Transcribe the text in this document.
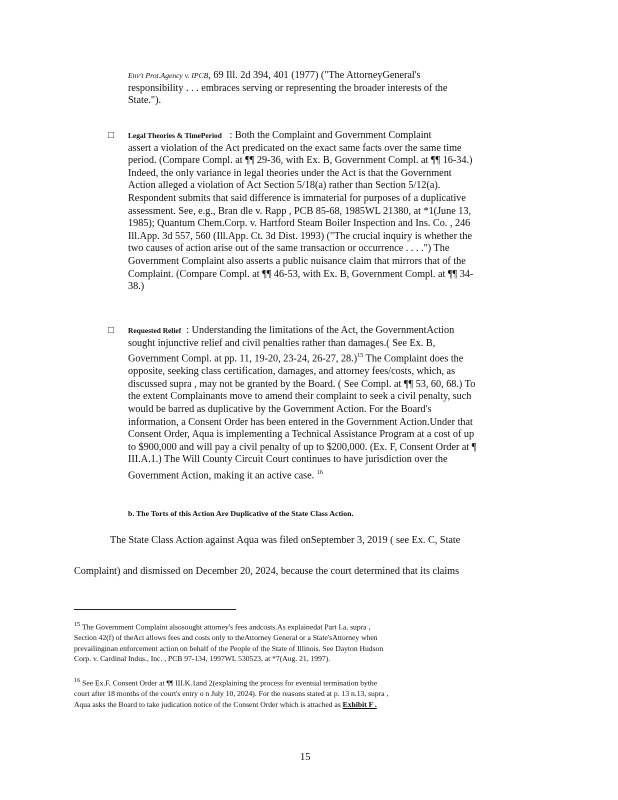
Env't Prot.Agency v. IPCB, 69 Ill. 2d 394, 401 (1977) ("The AttorneyGeneral's
responsibility . . . embraces serving or representing the broader interests of the
State.").
□ Legal Theories & TimePeriod : Both the Complaint and Government Complaint
assert a violation of the Act predicated on the exact same facts over the same time
period. (Compare Compl. at ¶¶ 29-36, with Ex. B, Government Compl. at ¶¶ 16-34.)
Indeed, the only variance in legal theories under the Act is that the Government
Action alleged a violation of Act Section 5/18(a) rather than Section 5/12(a).
Respondent submits that said difference is immaterial for purposes of a duplicative
assessment. See, e.g., Bran dle v. Rapp , PCB 85-68, 1985WL 21380, at *1(June 13,
1985); Quantum Chem.Corp. v. Hartford Steam Boiler Inspection and Ins. Co. , 246
Ill.App. 3d 557, 560 (Ill.App. Ct. 3d Dist. 1993) ("The crucial inquiry is whether the
two causes of action arise out of the same transaction or occurrence . . . .") The
Government Complaint also asserts a public nuisance claim that mirrors that of the
Complaint. (Compare Compl. at ¶¶ 46-53, with Ex. B, Government Compl. at ¶¶ 34-
38.)
□ Requested Relief : Understanding the limitations of the Act, the GovernmentAction
sought injunctive relief and civil penalties rather than damages.( See Ex. B,
Government Compl. at pp. 11, 19-20, 23-24, 26-27, 28.)$^{15}$ The Complaint does the
opposite, seeking class certification, damages, and attorney fees/costs, which, as
discussed supra , may not be granted by the Board. ( See Compl. at ¶¶ 53, 60, 68.) To
the extent Complainants move to amend their complaint to seek a civil penalty, such
would be barred as duplicative by the Government Action. For the Board's
information, a Consent Order has been entered in the Government Action.Under that
Consent Order, Aqua is implementing a Technical Assistance Program at a cost of up
to $900,000 and will pay a civil penalty of up to $200,000. (Ex. F, Consent Order at ¶
III.A.1.) The Will County Circuit Court continues to have jurisdiction over the
Government Action, making it an active case. $^{16}$
b. The Torts of this Action Are Duplicative of the State Class Action.
The State Class Action against Aqua was filed onSeptember 3, 2019 ( see Ex. C, State
Complaint) and dismissed on December 20, 2024, because the court determined that its claims
$^{15}$ The Government Complaint alsosought attorney's fees andcosts.As explainedat Part I.a, supra ,
Section 42(f) of theAct allows fees and costs only to theAttorney General or a State'sAttorney when
prevailinginan enforcement action on behalf of the People of the State of Illinois. See Dayton Hudson
Corp. v. Cardinal Indus., Inc. , PCB 97-134, 1997WL 530523, at *7(Aug. 21, 1997).
$^{16}$ See Ex.F, Consent Order at ¶¶ III.K.1and 2(explaining the process for eventual termination bythe
court after 18 months of the court's entry o n July 10, 2024). For the reasons stated at p. 13 n.13, supra ,
Aqua asks the Board to take judication notice of the Consent Order which is attached as Exhibit F .
15
